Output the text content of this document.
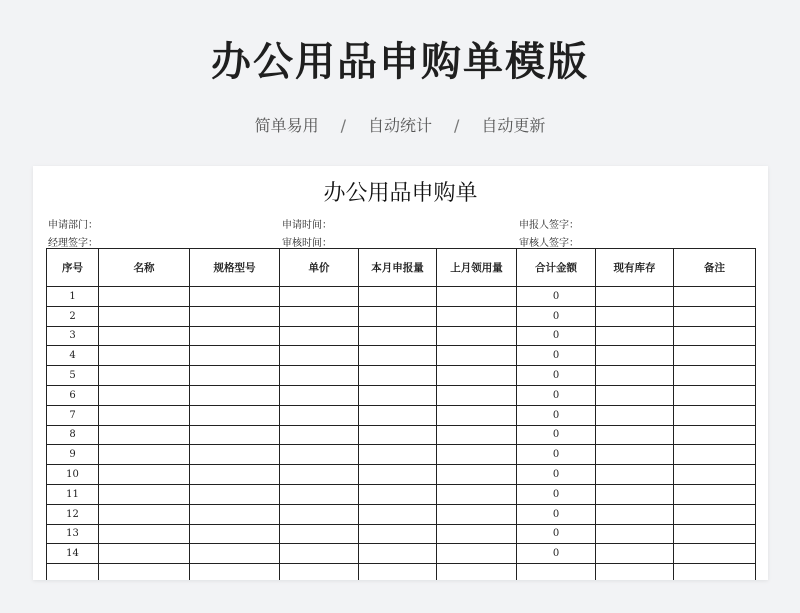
办公用品申购单模版
简单易用 / 自动统计 / 自动更新
办公用品申购单
申请部门：	申请时间：	申报人签字：
经理签字：	审核时间：	审核人签字：
序号	名称	规格型号	单价	本月申报量	上月领用量	合计金额	现有库存	备注
1						0		
2						0		
3						0		
4						0		
5						0		
6						0		
7						0		
8						0		
9						0		
10						0		
11						0		
12						0		
13						0		
14						0		
